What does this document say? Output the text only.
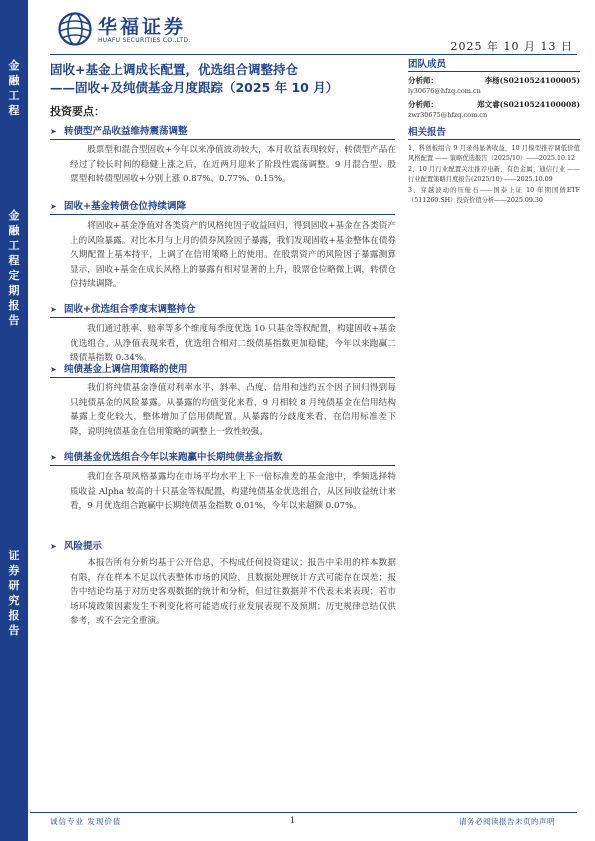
金
融
工
程
金
融
工
程
定
期
报
告
证
券
研
究
报
告
华福证券
HUAFU SECURITIES CO.,LTD.	2025 年 10 月 13 日
固收+基金上调成长配置，优选组合调整持仓
——固收+及纯债基金月度跟踪（2025 年 10 月）
投资要点：
➤ 转债型产品收益维持震荡调整
股票型和混合型固收+今年以来净值波动较大，本月收益表现较好，转债型产品在经过了较长时间的稳健上涨之后，在近两月迎来了阶段性震荡调整。9 月混合型、股票型和转债型固收+分别上涨 0.87%、0.77%、0.15%。
➤ 固收+基金转债仓位持续调降
将固收+基金净值对各类资产的风格纯因子收益回归，得到固收+基金在各类资产上的风险暴露。对比本月与上月的债券风险因子暴露，我们发现固收+基金整体在债券久期配置上基本持平，上调了在信用策略上的使用。在股票资产的风险因子暴露测算显示，固收+基金在成长风格上的暴露有相对显著的上升，股票仓位略微上调，转债仓位持续调降。
➤ 固收+优选组合季度末调整持仓
我们通过胜率、赔率等多个维度每季度优选 10 只基金等权配置，构建固收+基金优选组合。从净值表现来看，优选组合相对二级债基指数更加稳健，今年以来跑赢二级债基指数 0.34%。
➤ 纯债基金上调信用策略的使用
我们将纯债基金净值对利率水平、斜率、凸度、信用和违约五个因子回归得到每只纯债基金的风险暴露。从暴露的均值变化来看，9 月相较 8 月纯债基金在信用结构暴露上变化较大，整体增加了信用债配置。从暴露的分歧度来看，在信用标准差下降，说明纯债基金在信用策略的调整上一致性较强。
➤ 纯债基金优选组合今年以来跑赢中长期纯债基金指数
我们在各项风格暴露均在市场平均水平上下一倍标准差的基金池中，季频选择特质收益 Alpha 较高的十只基金等权配置，构建纯债基金优选组合，从区间收益统计来看，9 月优选组合跑赢中长期纯债基金指数 0.01%，今年以来超额 0.07%。
➤ 风险提示
本报告所有分析均基于公开信息，不构成任何投资建议；报告中采用的样本数据有限，存在样本不足以代表整体市场的风险，且数据处理统计方式可能存在误差；报告中结论均基于对历史客观数据的统计和分析，但过往数据并不代表未来表现；若市场环境政策因素发生不利变化将可能造成行业发展表现不及预期；历史规律总结仅供参考，或不会完全重演。
团队成员
分析师：	李杨(S0210524100005)
ly30676@hfzq.com.cn
分析师：	郑文睿(S0210524100008)
zwr30675@hfzq.com.cn
相关报告
1、科创板组合 9 月录得显著收益，10 月模型推荐调低价值风格配置 —— 策略优选报告（2025/10）——2025.10.12
2、10 月行业配置关注推荐电新、有色金属、通信行业 —— 行业配置策略月度报告(2025/10) ——2025.10.09
3、穿越波动的压舱石——国泰上证 10 年期国债ETF（511260.SH）投资价值分析——2025.09.30
诚信专业 发现价值	1	请务必阅读报告末页的声明
